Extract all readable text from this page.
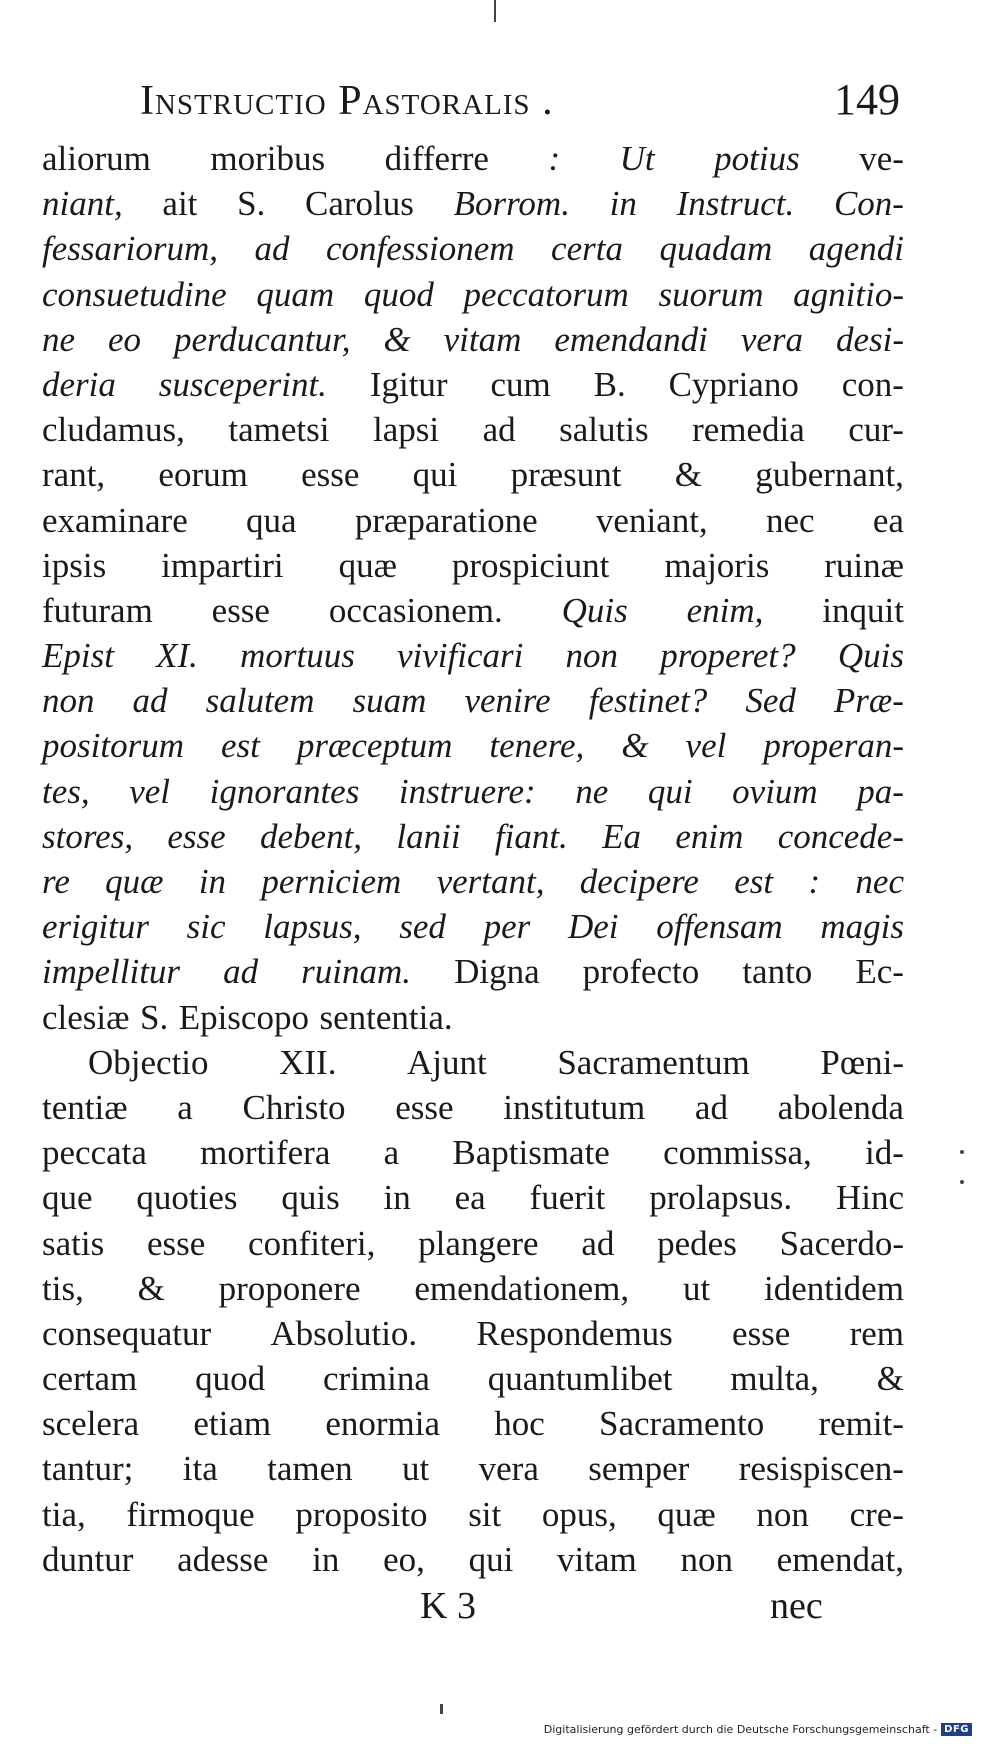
Instructio Pastoralis .	149
aliorum moribus differre : Ut potius ve-
niant, ait S. Carolus Borrom. in Instruct. Con-
fessariorum, ad confessionem certa quadam agendi
consuetudine quam quod peccatorum suorum agnitio-
ne eo perducantur, & vitam emendandi vera desi-
deria susceperint. Igitur cum B. Cypriano con-
cludamus, tametsi lapsi ad salutis remedia cur-
rant, eorum esse qui præsunt & gubernant,
examinare qua præparatione veniant, nec ea
ipsis impartiri quæ prospiciunt majoris ruinæ
futuram esse occasionem. Quis enim, inquit
Epist XI. mortuus vivificari non properet? Quis
non ad salutem suam venire festinet? Sed Præ-
positorum est præceptum tenere, & vel properan-
tes, vel ignorantes instruere: ne qui ovium pa-
stores, esse debent, lanii fiant. Ea enim concede-
re quæ in perniciem vertant, decipere est : nec
erigitur sic lapsus, sed per Dei offensam magis
impellitur ad ruinam. Digna profecto tanto Ec-
clesiæ S. Episcopo sententia.
Objectio XII. Ajunt Sacramentum Pœni-
tentiæ a Christo esse institutum ad abolenda
peccata mortifera a Baptismate commissa, id-
que quoties quis in ea fuerit prolapsus. Hinc
satis esse confiteri, plangere ad pedes Sacerdo-
tis, & proponere emendationem, ut identidem
consequatur Absolutio. Respondemus esse rem
certam quod crimina quantumlibet multa, &
scelera etiam enormia hoc Sacramento remit-
tantur; ita tamen ut vera semper resispiscen-
tia, firmoque proposito sit opus, quæ non cre-
duntur adesse in eo, qui vitam non emendat,
K 3	nec
Digitalisierung gefördert durch die Deutsche Forschungsgemeinschaft - DFG
